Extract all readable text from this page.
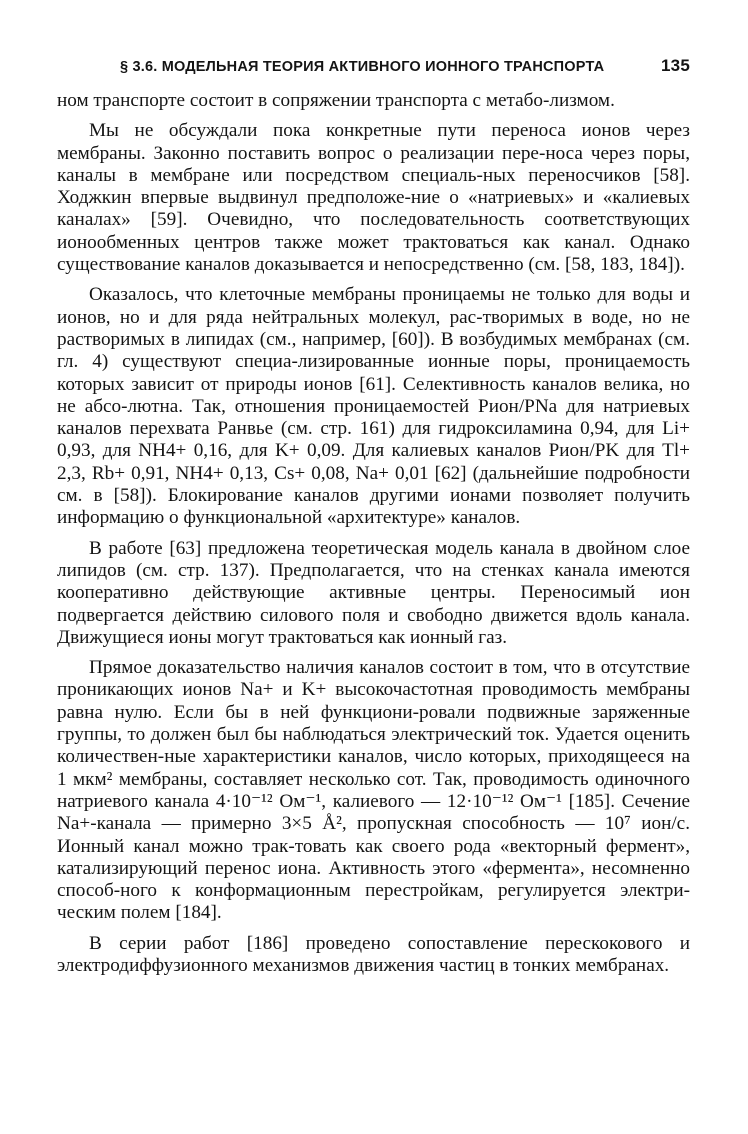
§ 3.6. МОДЕЛЬНАЯ ТЕОРИЯ АКТИВНОГО ИОННОГО ТРАНСПОРТА	135

ном транспорте состоит в сопряжении транспорта с метабо-лизмом.

Мы не обсуждали пока конкретные пути переноса ионов через мембраны. Законно поставить вопрос о реализации пере-носа через поры, каналы в мембране или посредством специаль-ных переносчиков [58]. Ходжкин впервые выдвинул предположе-ние о «натриевых» и «калиевых каналах» [59]. Очевидно, что последовательность соответствующих ионообменных центров также может трактоваться как канал. Однако существование каналов доказывается и непосредственно (см. [58, 183, 184]).

Оказалось, что клеточные мембраны проницаемы не только для воды и ионов, но и для ряда нейтральных молекул, рас-творимых в воде, но не растворимых в липидах (см., например, [60]). В возбудимых мембранах (см. гл. 4) существуют специа-лизированные ионные поры, проницаемость которых зависит от природы ионов [61]. Селективность каналов велика, но не абсо-лютна. Так, отношения проницаемостей Pион/PNa для натриевых каналов перехвата Ранвье (см. стр. 161) для гидроксиламина 0,94, для Li+ 0,93, для NH4+ 0,16, для K+ 0,09. Для калиевых каналов Pион/PK для Tl+ 2,3, Rb+ 0,91, NH4+ 0,13, Cs+ 0,08, Na+ 0,01 [62] (дальнейшие подробности см. в [58]). Блокирование каналов другими ионами позволяет получить информацию о функциональной «архитектуре» каналов.

В работе [63] предложена теоретическая модель канала в двойном слое липидов (см. стр. 137). Предполагается, что на стенках канала имеются кооперативно действующие активные центры. Переносимый ион подвергается действию силового поля и свободно движется вдоль канала. Движущиеся ионы могут трактоваться как ионный газ.

Прямое доказательство наличия каналов состоит в том, что в отсутствие проникающих ионов Na+ и K+ высокочастотная проводимость мембраны равна нулю. Если бы в ней функциони-ровали подвижные заряженные группы, то должен был бы наблюдаться электрический ток. Удается оценить количествен-ные характеристики каналов, число которых, приходящееся на 1 мкм² мембраны, составляет несколько сот. Так, проводимость одиночного натриевого канала 4·10⁻¹² Ом⁻¹, калиевого — 12·10⁻¹² Ом⁻¹ [185]. Сечение Na+-канала — примерно 3×5 Å², пропускная способность — 10⁷ ион/с. Ионный канал можно трак-товать как своего рода «векторный фермент», катализирующий перенос иона. Активность этого «фермента», несомненно способ-ного к конформационным перестройкам, регулируется электри-ческим полем [184].

В серии работ [186] проведено сопоставление перескокового и электродиффузионного механизмов движения частиц в тонких мембранах.
